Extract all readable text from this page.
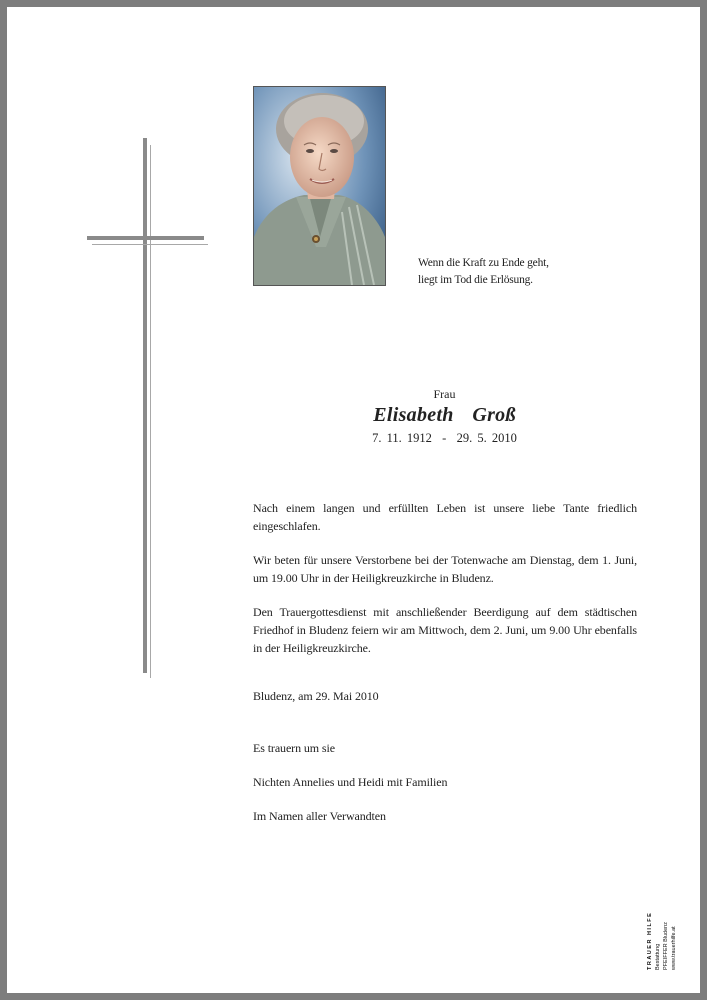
Wenn die Kraft zu Ende geht,
liegt im Tod die Erlösung.
Frau
Elisabeth  Groß
7. 11. 1912  -  29. 5. 2010
Nach einem langen und erfüllten Leben ist unsere liebe Tante friedlich eingeschlafen.
Wir beten für unsere Verstorbene bei der Totenwache am Dienstag, dem 1. Juni, um 19.00 Uhr in der Heiligkreuzkirche in Bludenz.
Den Trauergottesdienst mit anschließender Beerdigung auf dem städtischen Friedhof in Bludenz feiern wir am Mittwoch, dem 2. Juni, um 9.00 Uhr ebenfalls in der Heiligkreuzkirche.
Bludenz, am 29. Mai 2010
Es trauern um sie
Nichten Annelies und Heidi mit Familien
Im Namen aller Verwandten
TRAUER HILFE Bestattung PFEIFFER Bludenz www.trauerhilfe.at
